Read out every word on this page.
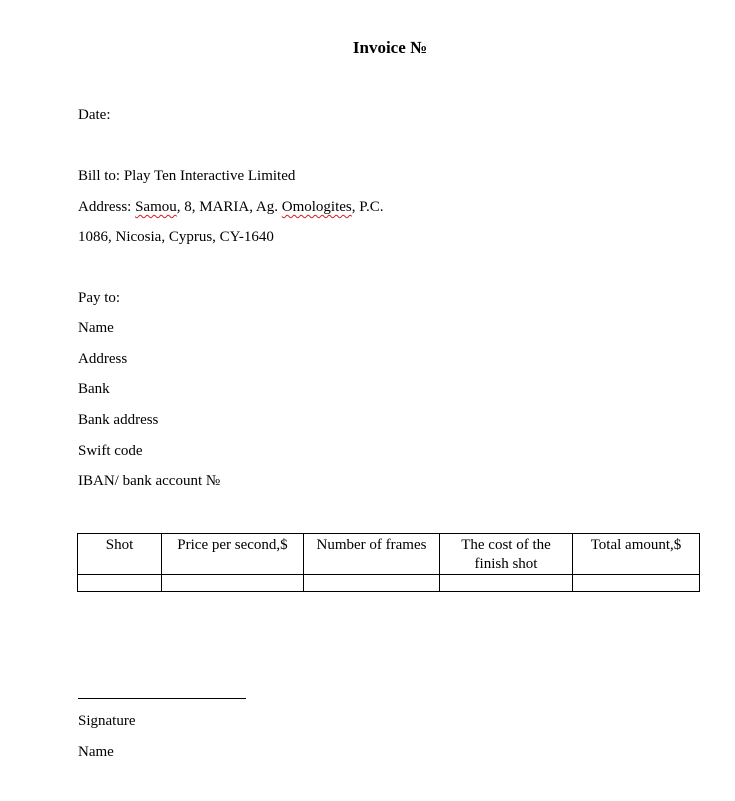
Invoice №
Date:
Bill to: Play Ten Interactive Limited
Address: Samou, 8, MARIA, Ag. Omologites, P.C.
1086, Nicosia, Cyprus, CY-1640
Pay to:
Name
Address
Bank
Bank address
Swift code
IBAN/ bank account №
Shot	Price per second,$	Number of frames	The cost of the finish shot	Total amount,$

Signature
Name
